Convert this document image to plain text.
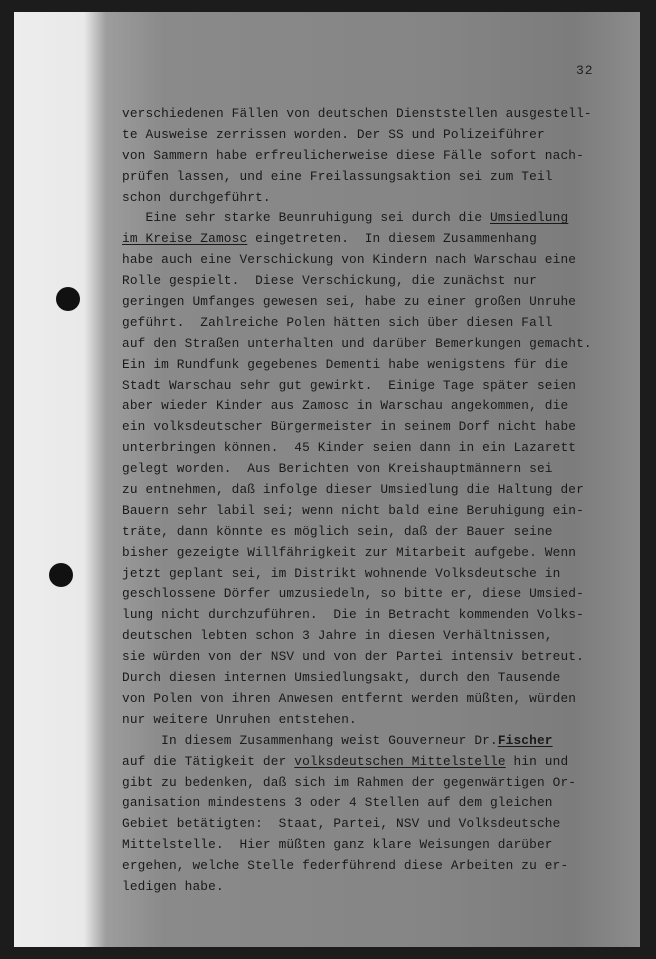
32
verschiedenen Fällen von deutschen Dienststellen ausgestell-
te Ausweise zerrissen worden. Der SS und Polizeiführer
von Sammern habe erfreulicherweise diese Fälle sofort nach-
prüfen lassen, und eine Freilassungsaktion sei zum Teil
schon durchgeführt.
Eine sehr starke Beunruhigung sei durch die Umsiedlung
im Kreise Zamosc eingetreten.  In diesem Zusammenhang
habe auch eine Verschickung von Kindern nach Warschau eine
Rolle gespielt.  Diese Verschickung, die zunächst nur
geringen Umfanges gewesen sei, habe zu einer großen Unruhe
geführt.  Zahlreiche Polen hätten sich über diesen Fall
auf den Straßen unterhalten und darüber Bemerkungen gemacht.
Ein im Rundfunk gegebenes Dementi habe wenigstens für die
Stadt Warschau sehr gut gewirkt.  Einige Tage später seien
aber wieder Kinder aus Zamosc in Warschau angekommen, die
ein volksdeutscher Bürgermeister in seinem Dorf nicht habe
unterbringen können.  45 Kinder seien dann in ein Lazarett
gelegt worden.  Aus Berichten von Kreishauptmännern sei
zu entnehmen, daß infolge dieser Umsiedlung die Haltung der
Bauern sehr labil sei; wenn nicht bald eine Beruhigung ein-
träte, dann könnte es möglich sein, daß der Bauer seine
bisher gezeigte Willfährigkeit zur Mitarbeit aufgebe. Wenn
jetzt geplant sei, im Distrikt wohnende Volksdeutsche in
geschlossene Dörfer umzusiedeln, so bitte er, diese Umsied-
lung nicht durchzuführen.  Die in Betracht kommenden Volks-
deutschen lebten schon 3 Jahre in diesen Verhältnissen,
sie würden von der NSV und von der Partei intensiv betreut.
Durch diesen internen Umsiedlungsakt, durch den Tausende
von Polen von ihren Anwesen entfernt werden müßten, würden
nur weitere Unruhen entstehen.
In diesem Zusammenhang weist Gouverneur Dr.Fischer
auf die Tätigkeit der volksdeutschen Mittelstelle hin und
gibt zu bedenken, daß sich im Rahmen der gegenwärtigen Or-
ganisation mindestens 3 oder 4 Stellen auf dem gleichen
Gebiet betätigten:  Staat, Partei, NSV und Volksdeutsche
Mittelstelle.  Hier müßten ganz klare Weisungen darüber
ergehen, welche Stelle federführend diese Arbeiten zu er-
ledigen habe.
